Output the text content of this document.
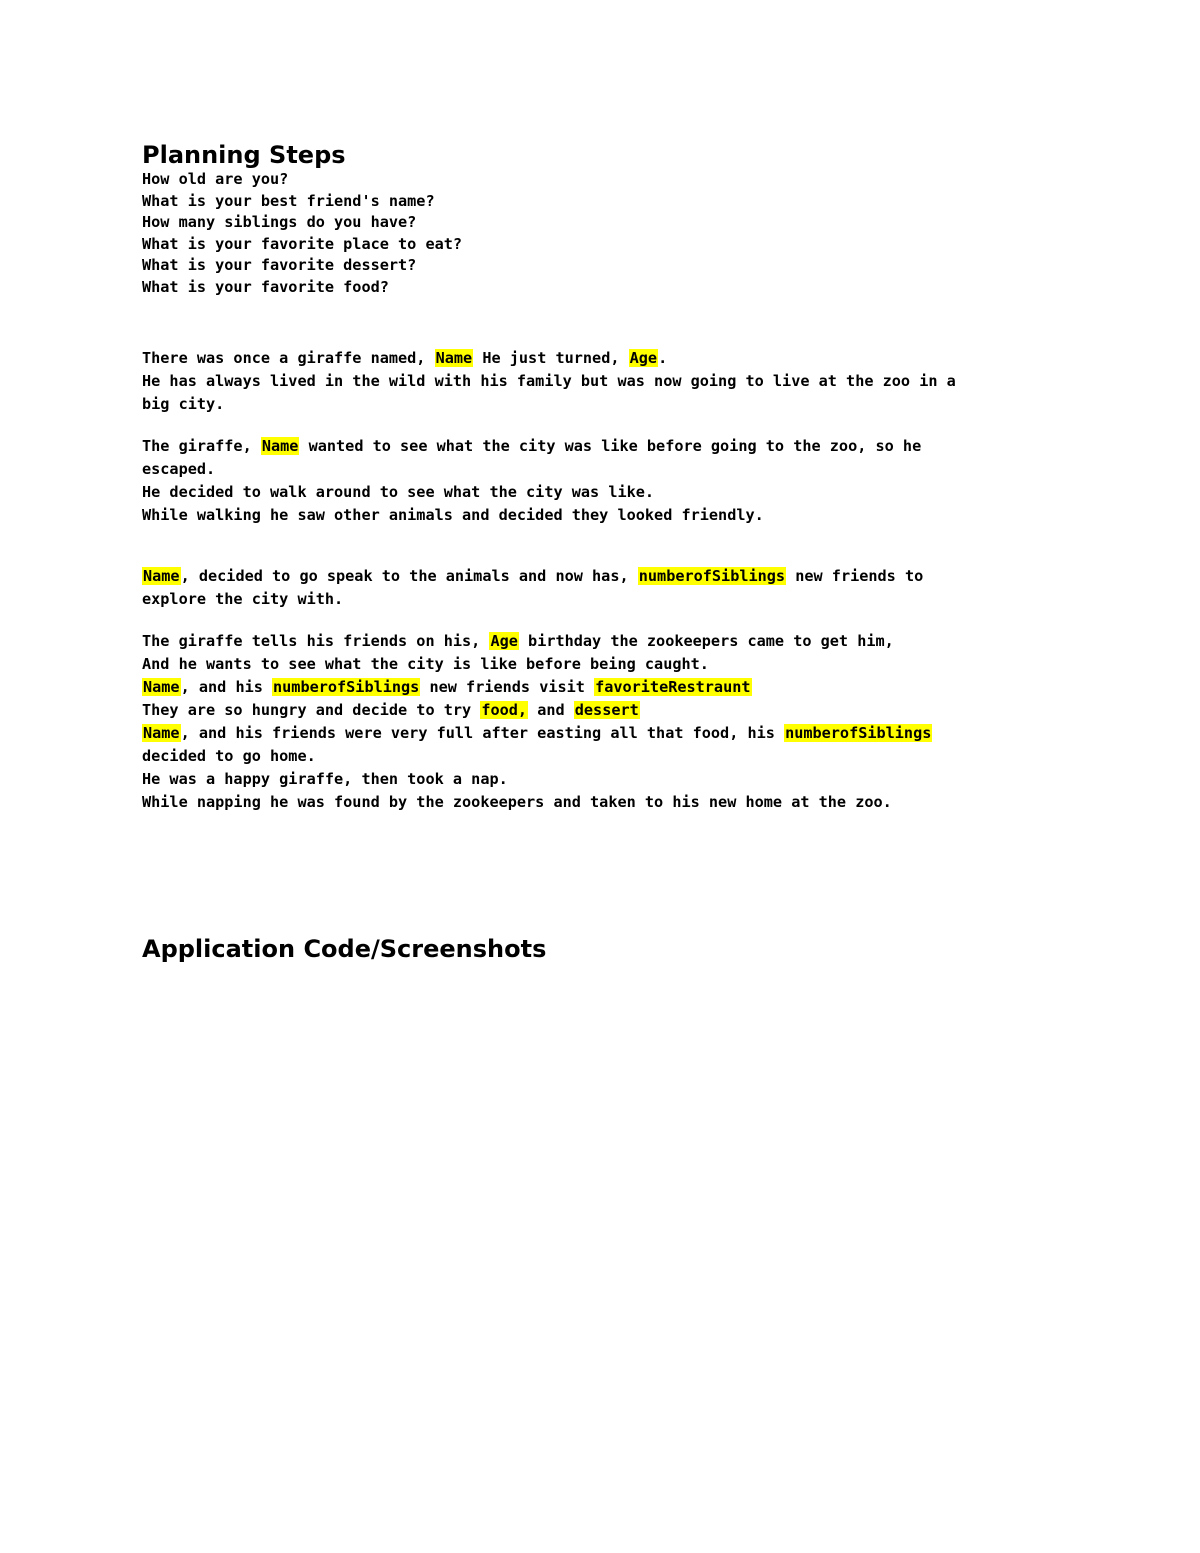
Planning Steps
How old are you?
What is your best friend's name?
How many siblings do you have?
What is your favorite place to eat?
What is your favorite dessert?
What is your favorite food?
There was once a giraffe named, Name He just turned, Age.
He has always lived in the wild with his family but was now going to live at the zoo in a
big city.
The giraffe, Name wanted to see what the city was like before going to the zoo, so he
escaped.
He decided to walk around to see what the city was like.
While walking he saw other animals and decided they looked friendly.
Name, decided to go speak to the animals and now has, numberofSiblings new friends to
explore the city with.
The giraffe tells his friends on his, Age birthday the zookeepers came to get him,
And he wants to see what the city is like before being caught.
Name, and his numberofSiblings new friends visit favoriteRestraunt
They are so hungry and decide to try food, and dessert
Name, and his friends were very full after easting all that food, his numberofSiblings
decided to go home.
He was a happy giraffe, then took a nap.
While napping he was found by the zookeepers and taken to his new home at the zoo.
Application Code/Screenshots
